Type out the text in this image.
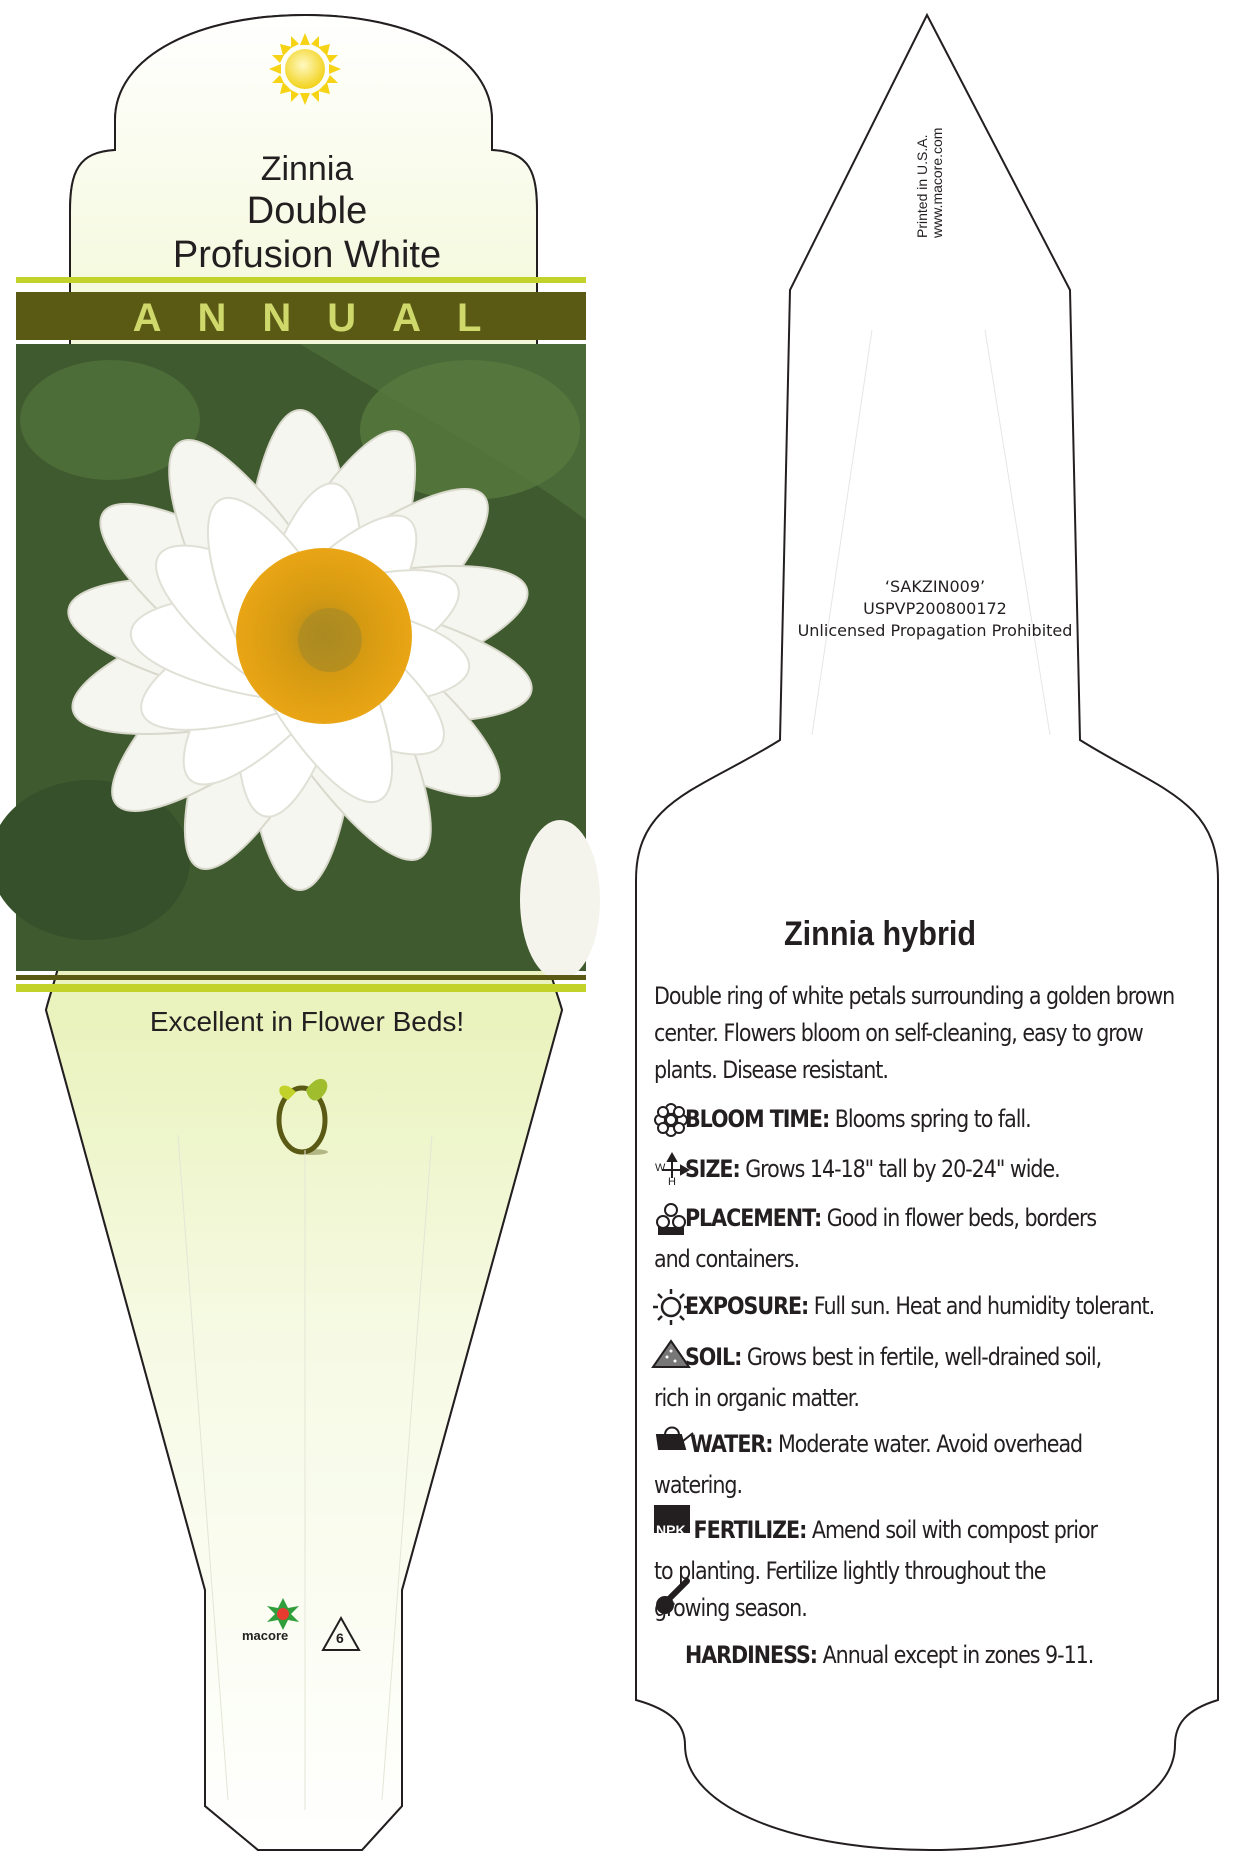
Zinnia
Double
Profusion White
ANNUAL
Excellent in Flower Beds!
macore	6
Printed in U.S.A. www.macore.com
‘SAKZIN009’
USPVP200800172
Unlicensed Propagation Prohibited
Zinnia hybrid
Double ring of white petals surrounding a golden brown center. Flowers bloom on self-cleaning, easy to grow plants. Disease resistant.
BLOOM TIME: Blooms spring to fall.
SIZE: Grows 14-18" tall by 20-24" wide.
W
H
PLACEMENT: Good in flower beds, borders and containers.
EXPOSURE: Full sun. Heat and humidity tolerant.
SOIL: Grows best in fertile, well-drained soil, rich in organic matter.
WATER: Moderate water. Avoid overhead watering.
FERTILIZE: Amend soil with compost prior to planting. Fertilize lightly throughout the growing season.
NPK
HARDINESS: Annual except in zones 9-11.
